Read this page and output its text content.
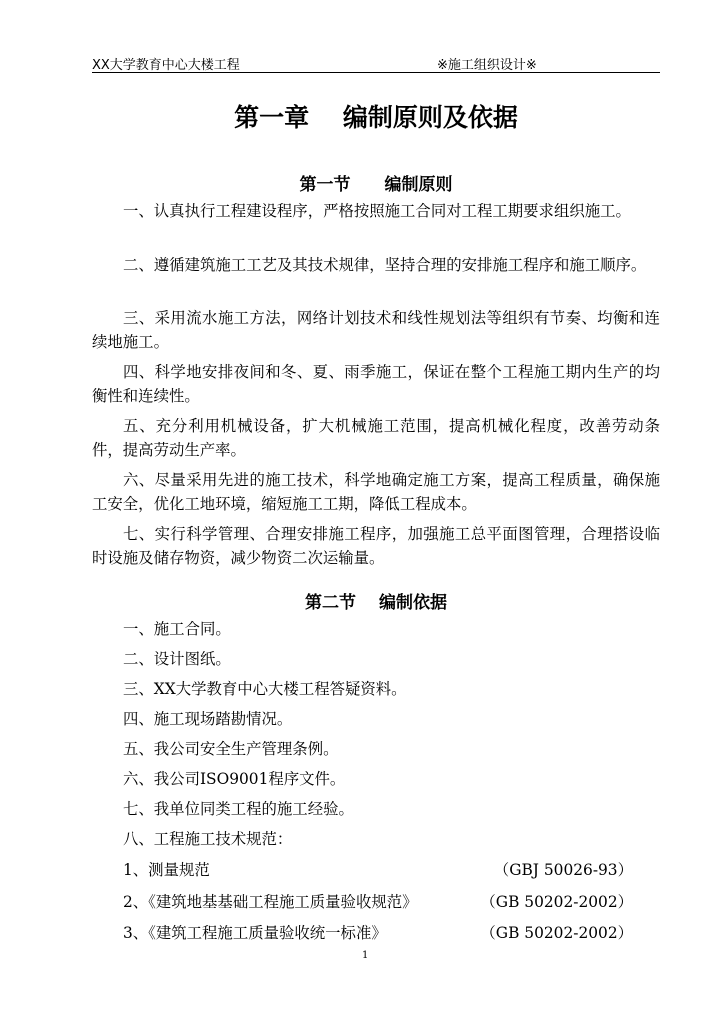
XX大学教育中心大楼工程	※施工组织设计※
第一章　 编制原则及依据
第一节　　编制原则
一、认真执行工程建设程序，严格按照施工合同对工程工期要求组织施工。
二、遵循建筑施工工艺及其技术规律，坚持合理的安排施工程序和施工顺序。
三、采用流水施工方法，网络计划技术和线性规划法等组织有节奏、均衡和连续地施工。
四、科学地安排夜间和冬、夏、雨季施工，保证在整个工程施工期内生产的均衡性和连续性。
五、充分利用机械设备，扩大机械施工范围，提高机械化程度，改善劳动条件，提高劳动生产率。
六、尽量采用先进的施工技术，科学地确定施工方案，提高工程质量，确保施工安全，优化工地环境，缩短施工工期，降低工程成本。
七、实行科学管理、合理安排施工程序，加强施工总平面图管理，合理搭设临时设施及储存物资，减少物资二次运输量。
第二节　 编制依据
一、施工合同。
二、设计图纸。
三、XX大学教育中心大楼工程答疑资料。
四、施工现场踏勘情况。
五、我公司安全生产管理条例。
六、我公司ISO9001程序文件。
七、我单位同类工程的施工经验。
八、工程施工技术规范：
1、测量规范	（GBJ 50026-93）
2、《建筑地基基础工程施工质量验收规范》	（GB 50202-2002）
3、《建筑工程施工质量验收统一标准》	（GB 50202-2002）
1
